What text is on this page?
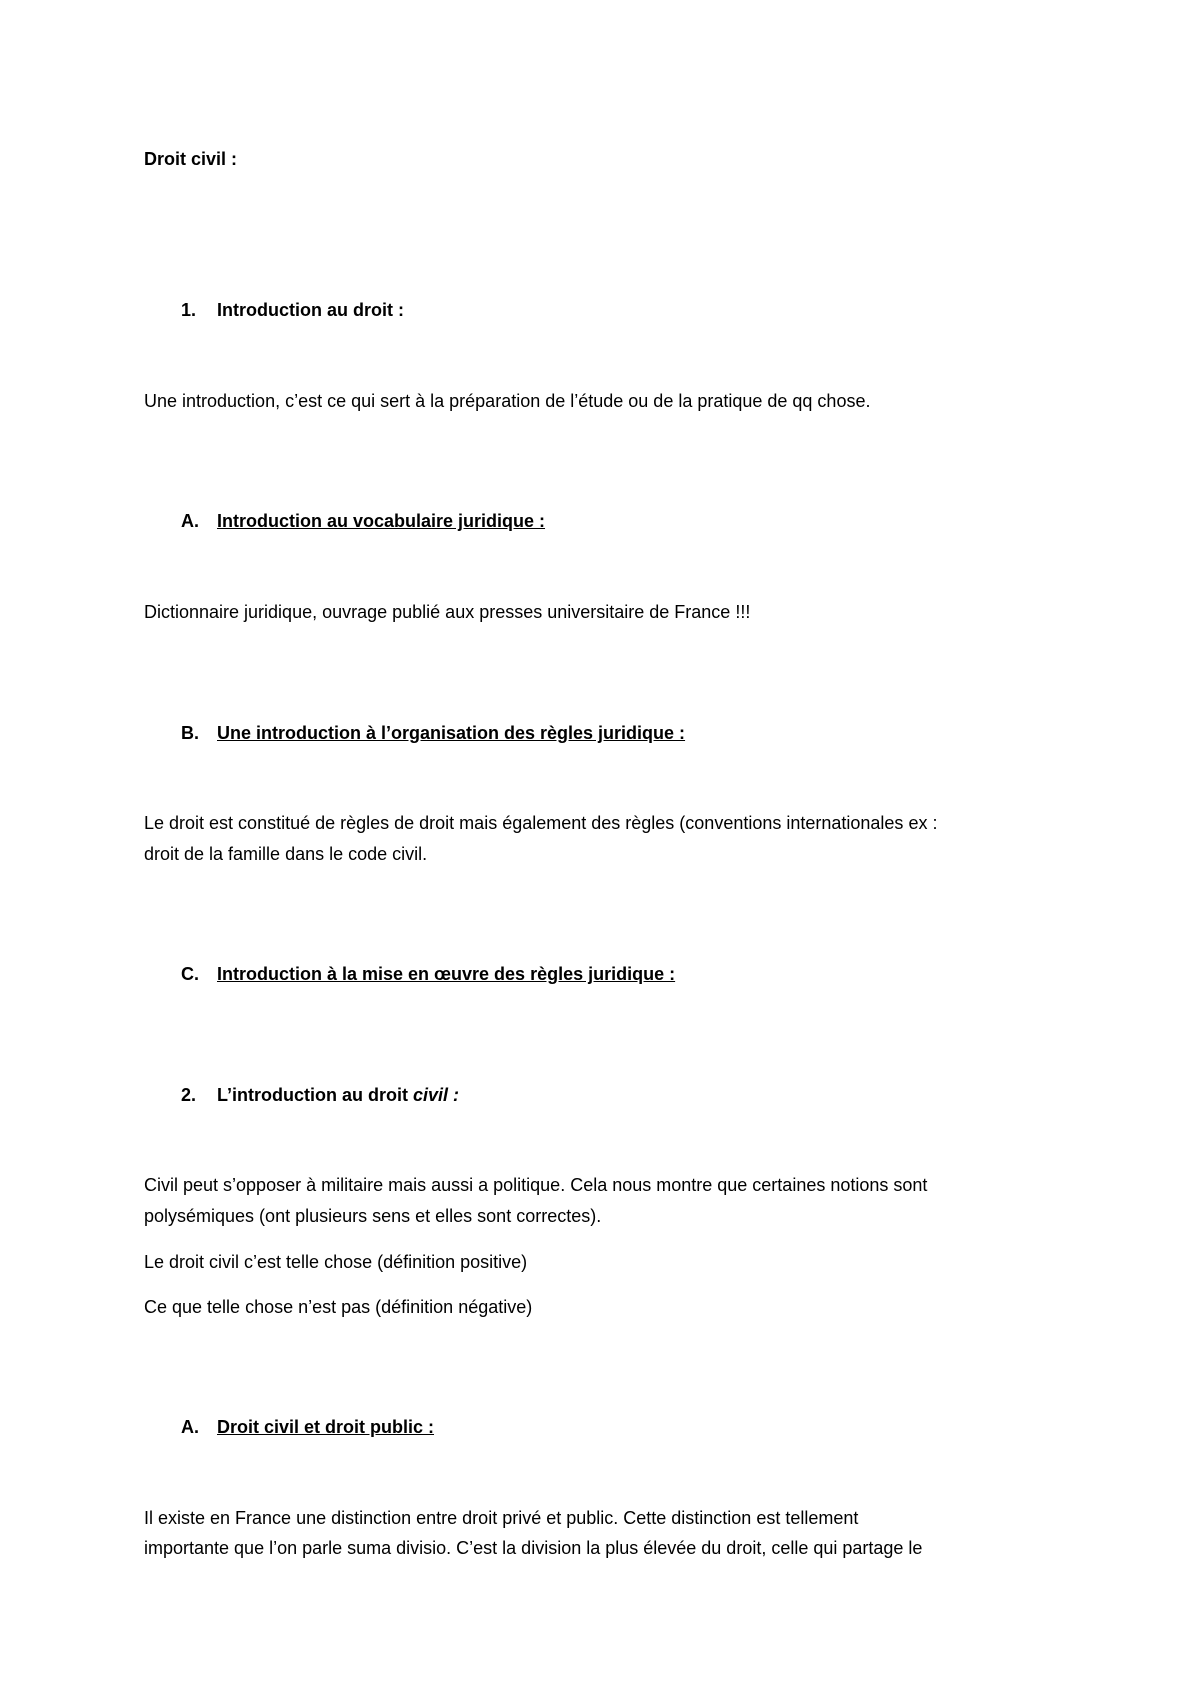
Droit civil :
1. Introduction au droit :
Une introduction, c’est ce qui sert à la préparation de l’étude ou de la pratique de qq chose.
A. Introduction au vocabulaire juridique :
Dictionnaire juridique, ouvrage publié aux presses universitaire de France !!!
B. Une introduction à l’organisation des règles juridique :
Le droit est constitué de règles de droit mais également des règles (conventions internationales ex :
droit de la famille dans le code civil.
C. Introduction à la mise en œuvre des règles juridique :
2. L’introduction au droit civil :
Civil peut s’opposer à militaire mais aussi a politique. Cela nous montre que certaines notions sont
polysémiques (ont plusieurs sens et elles sont correctes).
Le droit civil c’est telle chose (définition positive)
Ce que telle chose n’est pas (définition négative)
A. Droit civil et droit public :
Il existe en France une distinction entre droit privé et public. Cette distinction est tellement
importante que l’on parle suma divisio. C’est la division la plus élevée du droit, celle qui partage le
